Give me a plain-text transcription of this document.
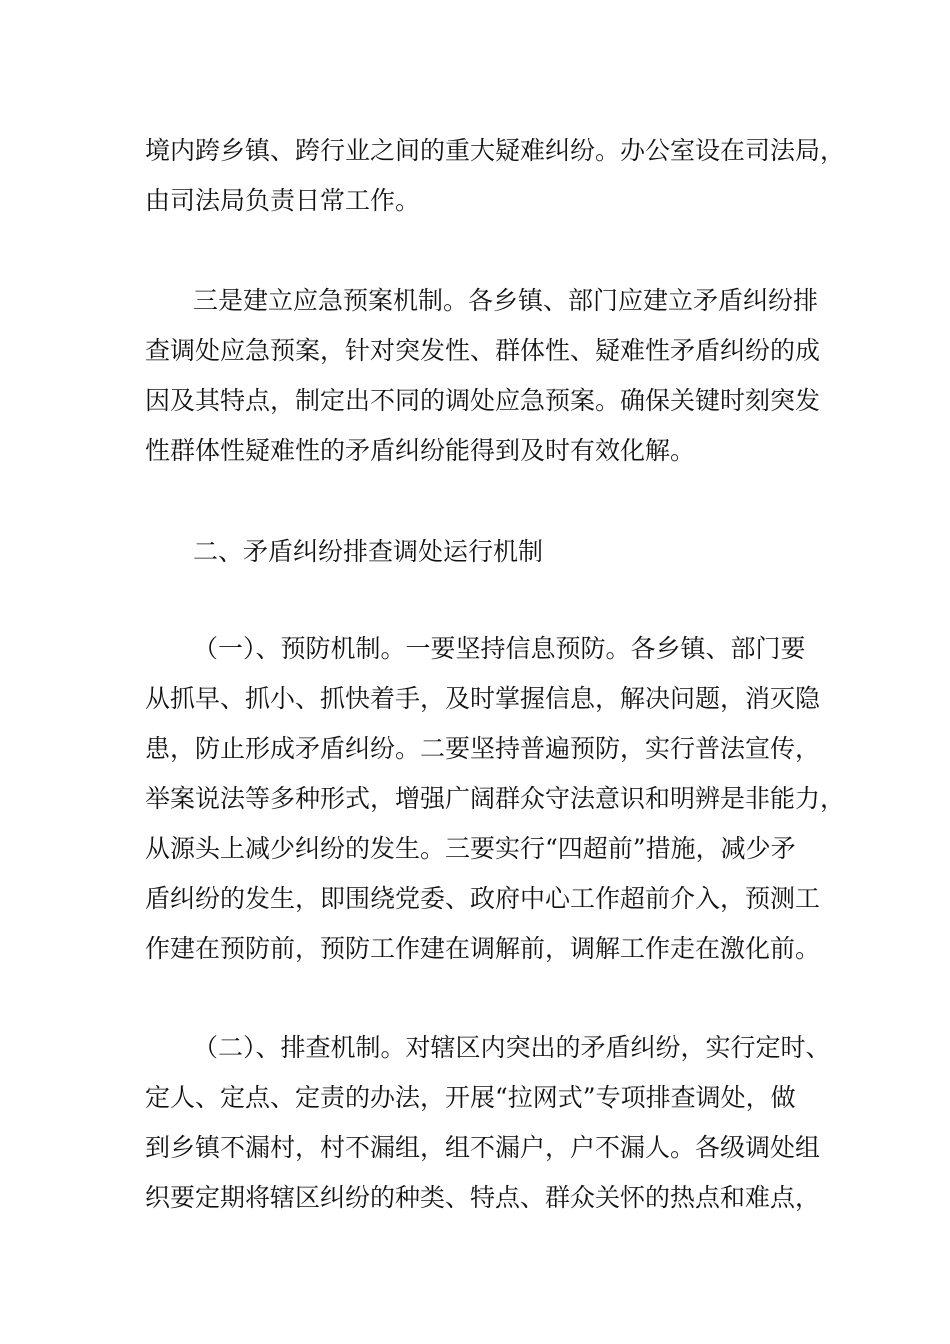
境内跨乡镇、跨行业之间的重大疑难纠纷。办公室设在司法局，
由司法局负责日常工作。

三是建立应急预案机制。各乡镇、部门应建立矛盾纠纷排
查调处应急预案，针对突发性、群体性、疑难性矛盾纠纷的成
因及其特点，制定出不同的调处应急预案。确保关键时刻突发
性群体性疑难性的矛盾纠纷能得到及时有效化解。

二、矛盾纠纷排查调处运行机制

（一）、预防机制。一要坚持信息预防。各乡镇、部门要
从抓早、抓小、抓快着手，及时掌握信息，解决问题，消灭隐
患，防止形成矛盾纠纷。二要坚持普遍预防，实行普法宣传，
举案说法等多种形式，增强广阔群众守法意识和明辨是非能力，
从源头上减少纠纷的发生。三要实行“四超前”措施，减少矛
盾纠纷的发生，即围绕党委、政府中心工作超前介入，预测工
作建在预防前，预防工作建在调解前，调解工作走在激化前。

（二）、排查机制。对辖区内突出的矛盾纠纷，实行定时、
定人、定点、定责的办法，开展“拉网式”专项排查调处，做
到乡镇不漏村，村不漏组，组不漏户，户不漏人。各级调处组
织要定期将辖区纠纷的种类、特点、群众关怀的热点和难点，
